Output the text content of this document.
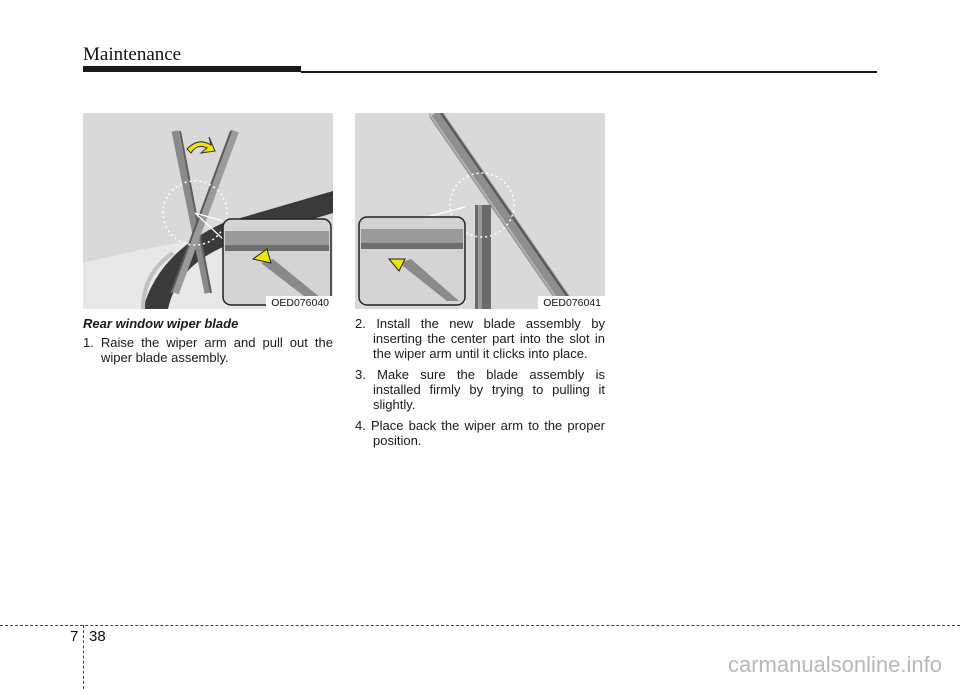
Maintenance
OED076040	OED076041
Rear window wiper blade

1. Raise the wiper arm and pull out the wiper blade assembly.

2. Install the new blade assembly by inserting the center part into the slot in the wiper arm until it clicks into place.

3. Make sure the blade assembly is installed firmly by trying to pulling it slightly.

4. Place back the wiper arm to the proper position.

7 38
carmanualsonline.info
